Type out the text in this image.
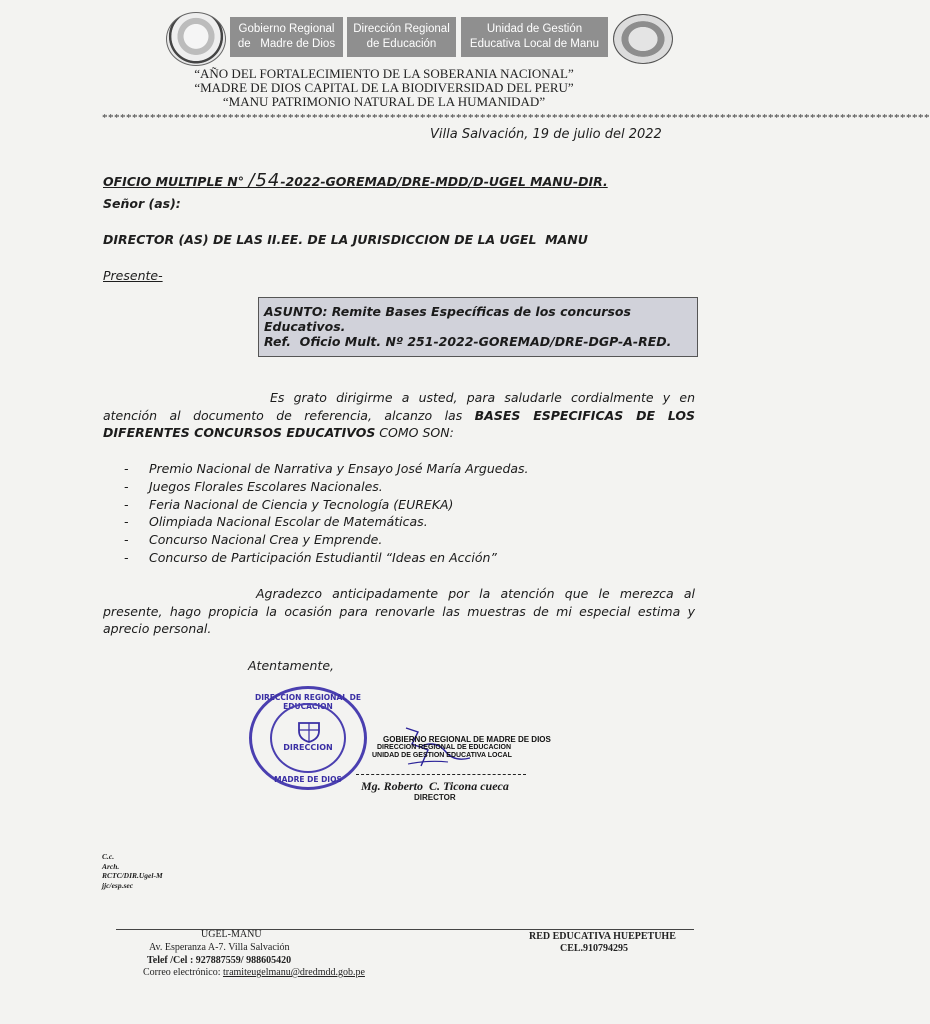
Gobierno Regional
de   Madre de Dios
Dirección Regional
de Educación
Unidad de Gestión
Educativa Local de Manu
“AÑO DEL FORTALECIMIENTO DE LA SOBERANIA NACIONAL”
“MADRE DE DIOS CAPITAL DE LA BIODIVERSIDAD DEL PERU”
“MANU PATRIMONIO NATURAL DE LA HUMANIDAD”
******************************************************************************************************************************************
Villa Salvación, 19 de julio del 2022
OFICIO MULTIPLE N° /54-2022-GOREMAD/DRE-MDD/D-UGEL MANU-DIR.
Señor (as):
DIRECTOR (AS) DE LAS II.EE. DE LA JURISDICCION DE LA UGEL  MANU
Presente-
ASUNTO: Remite Bases Específicas de los concursos Educativos.
Ref.  Oficio Mult. Nº 251-2022-GOREMAD/DRE-DGP-A-RED.
Es grato dirigirme a usted, para saludarle cordialmente y en atención al documento de referencia, alcanzo las BASES ESPECIFICAS DE LOS DIFERENTES CONCURSOS EDUCATIVOS COMO SON:
- Premio Nacional de Narrativa y Ensayo José María Arguedas.
- Juegos Florales Escolares Nacionales.
- Feria Nacional de Ciencia y Tecnología (EUREKA)
- Olimpiada Nacional Escolar de Matemáticas.
- Concurso Nacional Crea y Emprende.
- Concurso de Participación Estudiantil “Ideas en Acción”
Agradezco anticipadamente por la atención que le merezca al presente, hago propicia la ocasión para renovarle las muestras de mi especial estima y aprecio personal.
Atentamente,
DIRECCION REGIONAL DE EDUCACION
DIRECCION
MADRE DE DIOS
GOBIERNO REGIONAL DE MADRE DE DIOS
DIRECCION REGIONAL DE EDUCACION
UNIDAD DE GESTION EDUCATIVA LOCAL
Mg. Roberto  C. Ticona cueca
DIRECTOR
C.c.
Arch.
RCTC/DIR.Ugel-M
jjc/esp.sec
UGEL-MANU
Av. Esperanza A-7. Villa Salvación
Telef /Cel : 927887559/ 988605420
Correo electrónico: tramiteugelmanu@dredmdd.gob.pe
RED EDUCATIVA HUEPETUHE
CEL.910794295
